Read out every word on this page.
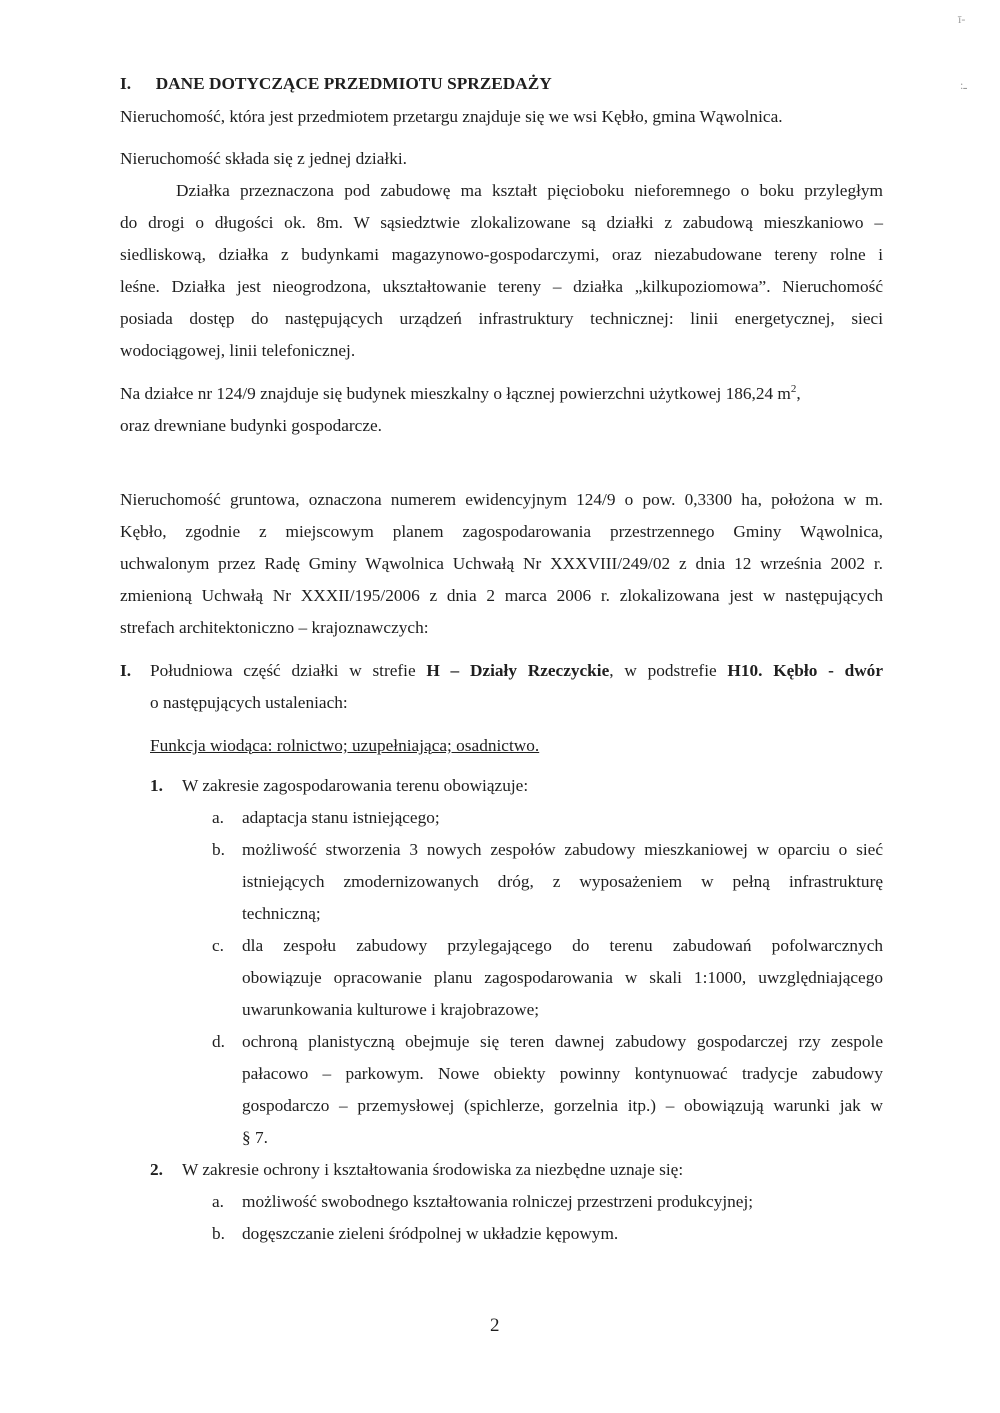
ī-
:ـ
I. DANE DOTYCZĄCE PRZEDMIOTU SPRZEDAŻY
Nieruchomość, która jest przedmiotem przetargu znajduje się we wsi Kębło, gmina Wąwolnica.
Nieruchomość składa się z jednej działki.
Działka przeznaczona pod zabudowę ma kształt pięcioboku nieforemnego o boku przyległym
do drogi o długości ok. 8m. W sąsiedztwie zlokalizowane są działki z zabudową mieszkaniowo –
siedliskową, działka z budynkami magazynowo-gospodarczymi, oraz niezabudowane tereny rolne i
leśne. Działka jest nieogrodzona, ukształtowanie tereny – działka „kilkupoziomowa”. Nieruchomość
posiada dostęp do następujących urządzeń infrastruktury technicznej: linii energetycznej, sieci
wodociągowej, linii telefonicznej.
Na działce nr 124/9 znajduje się budynek mieszkalny o łącznej powierzchni użytkowej 186,24 $m^2$,
oraz drewniane budynki gospodarcze.
Nieruchomość gruntowa, oznaczona numerem ewidencyjnym 124/9 o pow. 0,3300 ha, położona w m.
Kębło, zgodnie z miejscowym planem zagospodarowania przestrzennego Gminy Wąwolnica,
uchwalonym przez Radę Gminy Wąwolnica Uchwałą Nr XXXVIII/249/02 z dnia 12 września 2002 r.
zmienioną Uchwałą Nr XXXII/195/2006 z dnia 2 marca 2006 r. zlokalizowana jest w następujących
strefach architektoniczno – krajoznawczych:
I. Południowa część działki w strefie H – Działy Rzeczyckie, w podstrefie H10. Kębło - dwór
o następujących ustaleniach:
Funkcja wiodąca: rolnictwo; uzupełniająca; osadnictwo.
1. W zakresie zagospodarowania terenu obowiązuje:
a. adaptacja stanu istniejącego;
b. możliwość stworzenia 3 nowych zespołów zabudowy mieszkaniowej w oparciu o sieć
istniejących zmodernizowanych dróg, z wyposażeniem w pełną infrastrukturę
techniczną;
c. dla zespołu zabudowy przylegającego do terenu zabudowań pofolwarcznych
obowiązuje opracowanie planu zagospodarowania w skali 1:1000, uwzględniającego
uwarunkowania kulturowe i krajobrazowe;
d. ochroną planistyczną obejmuje się teren dawnej zabudowy gospodarczej rzy zespole
pałacowo – parkowym. Nowe obiekty powinny kontynuować tradycje zabudowy
gospodarczo – przemysłowej (spichlerze, gorzelnia itp.) – obowiązują warunki jak w
§ 7.
2. W zakresie ochrony i kształtowania środowiska za niezbędne uznaje się:
a. możliwość swobodnego kształtowania rolniczej przestrzeni produkcyjnej;
b. dogęszczanie zieleni śródpolnej w układzie kępowym.
2
